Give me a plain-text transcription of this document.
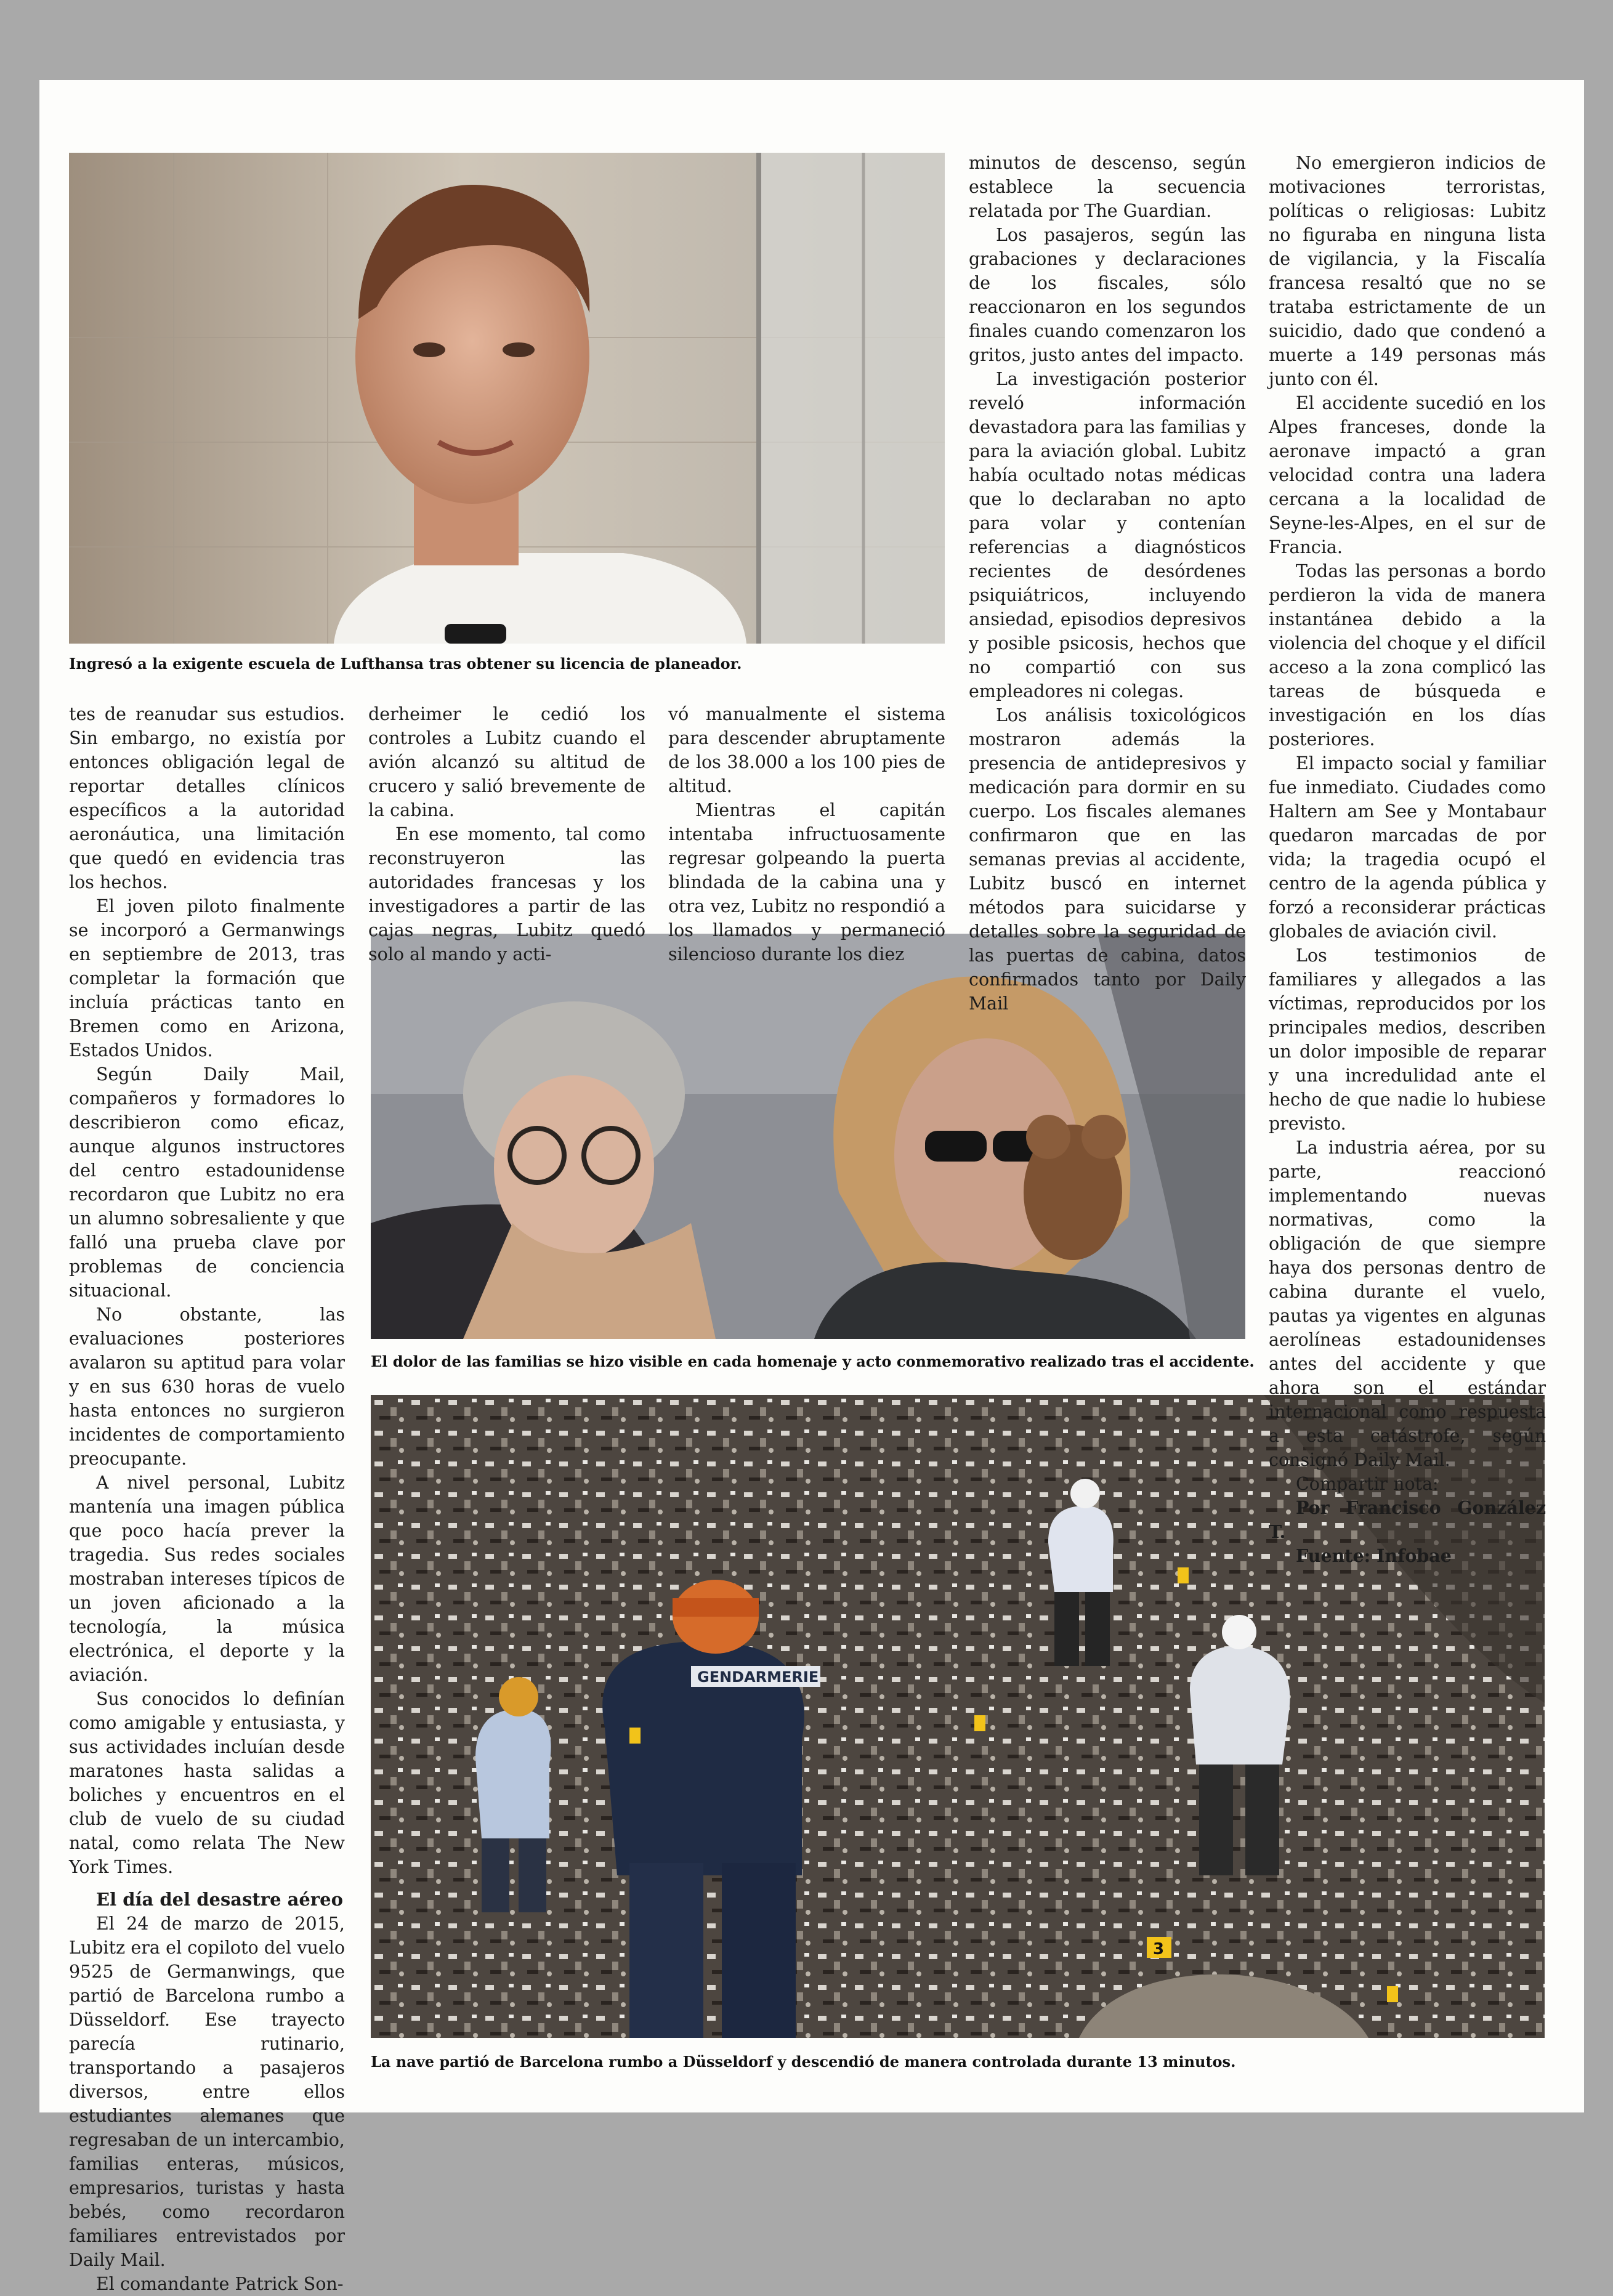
Ingresó a la exigente escuela de Lufthansa tras obtener su licencia de planeador.
El dolor de las familias se hizo visible en cada homenaje y acto conmemorativo realizado tras el accidente.
GENDARMERIE
3
La nave partió de Barcelona rumbo a Düsseldorf y descendió de manera controlada durante 13 minutos.

tes de reanudar sus estudios. Sin embargo, no existía por entonces obligación legal de reportar detalles clínicos específicos a la autoridad aeronáutica, una limitación que quedó en evidencia tras los hechos.

El joven piloto finalmente se incorporó a Germanwings en septiembre de 2013, tras completar la formación que incluía prácticas tanto en Bremen como en Arizona, Estados Unidos.

Según Daily Mail, compañeros y formadores lo describieron como eficaz, aunque algunos instructores del centro estadounidense recordaron que Lubitz no era un alumno sobresaliente y que falló una prueba clave por problemas de conciencia situacional.

No obstante, las evaluaciones posteriores avalaron su aptitud para volar y en sus 630 horas de vuelo hasta entonces no surgieron incidentes de comportamiento preocupante.

A nivel personal, Lubitz mantenía una imagen pública que poco hacía prever la tragedia. Sus redes sociales mostraban intereses típicos de un joven aficionado a la tecnología, la música electrónica, el deporte y la aviación.

Sus conocidos lo definían como amigable y entusiasta, y sus actividades incluían desde maratones hasta salidas a boliches y encuentros en el club de vuelo de su ciudad natal, como relata The New York Times.

El día del desastre aéreo

El 24 de marzo de 2015, Lubitz era el copiloto del vuelo 9525 de Germanwings, que partió de Barcelona rumbo a Düsseldorf. Ese trayecto parecía rutinario, transportando a pasajeros diversos, entre ellos estudiantes alemanes que regresaban de un intercambio, familias enteras, músicos, empresarios, turistas y hasta bebés, como recordaron familiares entrevistados por Daily Mail.

El comandante Patrick Son-

derheimer le cedió los controles a Lubitz cuando el avión alcanzó su altitud de crucero y salió brevemente de la cabina.

En ese momento, tal como reconstruyeron las autoridades francesas y los investigadores a partir de las cajas negras, Lubitz quedó solo al mando y acti-

vó manualmente el sistema para descender abruptamente de los 38.000 a los 100 pies de altitud.

Mientras el capitán intentaba infructuosamente regresar golpeando la puerta blindada de la cabina una y otra vez, Lubitz no respondió a los llamados y permaneció silencioso durante los diez

minutos de descenso, según establece la secuencia relatada por The Guardian.

Los pasajeros, según las grabaciones y declaraciones de los fiscales, sólo reaccionaron en los segundos finales cuando comenzaron los gritos, justo antes del impacto.

La investigación posterior reveló información devastadora para las familias y para la aviación global. Lubitz había ocultado notas médicas que lo declaraban no apto para volar y contenían referencias a diagnósticos recientes de desórdenes psiquiátricos, incluyendo ansiedad, episodios depresivos y posible psicosis, hechos que no compartió con sus empleadores ni colegas.

Los análisis toxicológicos mostraron además la presencia de antidepresivos y medicación para dormir en su cuerpo. Los fiscales alemanes confirmaron que en las semanas previas al accidente, Lubitz buscó en internet métodos para suicidarse y detalles sobre la seguridad de las puertas de cabina, datos confirmados tanto por Daily Mail

No emergieron indicios de motivaciones terroristas, políticas o religiosas: Lubitz no figuraba en ninguna lista de vigilancia, y la Fiscalía francesa resaltó que no se trataba estrictamente de un suicidio, dado que condenó a muerte a 149 personas más junto con él.

El accidente sucedió en los Alpes franceses, donde la aeronave impactó a gran velocidad contra una ladera cercana a la localidad de Seyne-les-Alpes, en el sur de Francia.

Todas las personas a bordo perdieron la vida de manera instantánea debido a la violencia del choque y el difícil acceso a la zona complicó las tareas de búsqueda e investigación en los días posteriores.

El impacto social y familiar fue inmediato. Ciudades como Haltern am See y Montabaur quedaron marcadas de por vida; la tragedia ocupó el centro de la agenda pública y forzó a reconsiderar prácticas globales de aviación civil.

Los testimonios de familiares y allegados a las víctimas, reproducidos por los principales medios, describen un dolor imposible de reparar y una incredulidad ante el hecho de que nadie lo hubiese previsto.

La industria aérea, por su parte, reaccionó implementando nuevas normativas, como la obligación de que siempre haya dos personas dentro de cabina durante el vuelo, pautas ya vigentes en algunas aerolíneas estadounidenses antes del accidente y que ahora son el estándar internacional como respuesta a esta catástrofe, según consignó Daily Mail.

Compartir nota:

Por Francisco González T.

Fuente: Infobae
